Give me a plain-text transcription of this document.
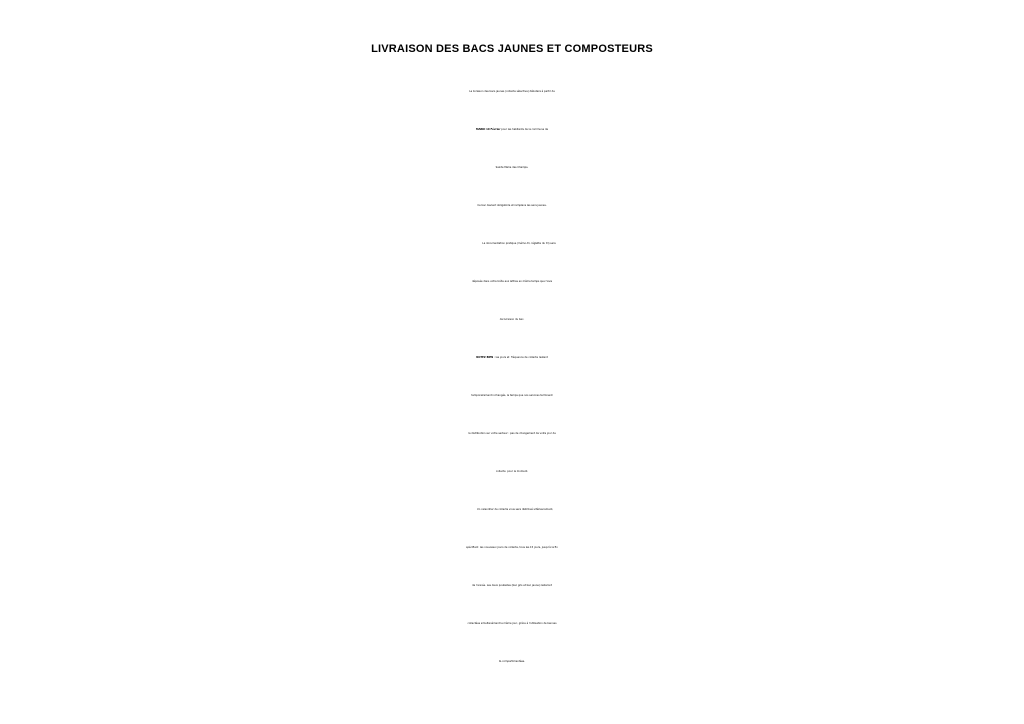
LIVRAISON DES BACS JAUNES ET COMPOSTEURS
La livraison des bacs jaunes (collecte sélective) débutera à partir de
MARDI 10 Février pour les habitants de la commune de
Sainte Marie des Champs.
Ce bac devient obligatoire et remplace les sacs jaunes.
La documentation pratique (mémo-tri, réglette du tri) sera
déposée dans votre boîte aux lettres en même temps que l’avis
de livraison du bac.
NOTEZ BIEN : les jours et  fréquence de collecte restent
temporairement inchangés, le temps que nos services terminent
la distribution sur votre secteur : pas de changement de votre jour de
collecte  pour le moment.
Un calendrier de collecte vous sera distribué ultérieurement,
spécifiant  les nouveaux jours de collecte, tous les 15 jours, jusqu’à la fin
de l’année. Les deux poubelles (bac gris et bac jaune) resteront
collectées simultanément le même jour, grâce à l’utilisation de bennes
bi-compartimentées.
